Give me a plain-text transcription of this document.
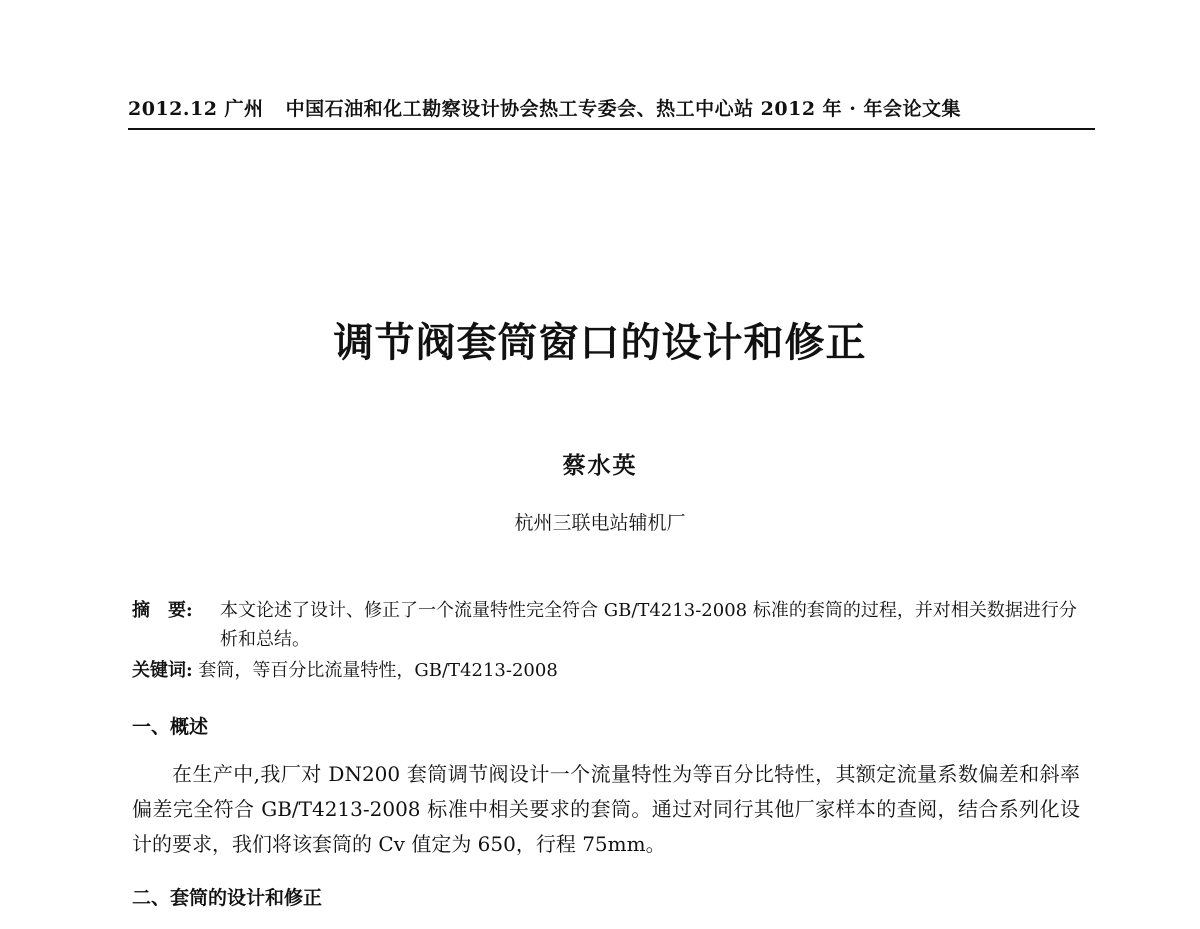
2012.12 广州 中国石油和化工勘察设计协会热工专委会、热工中心站 2012 年 · 年会论文集
调节阀套筒窗口的设计和修正
蔡水英
杭州三联电站辅机厂
摘　要: 本文论述了设计、修正了一个流量特性完全符合 GB/T4213-2008 标准的套筒的过程，并对相关数据进行分析和总结。
关键词: 套筒，等百分比流量特性，GB/T4213-2008
一、概述
在生产中,我厂对 DN200 套筒调节阀设计一个流量特性为等百分比特性，其额定流量系数偏差和斜率偏差完全符合 GB/T4213-2008 标准中相关要求的套筒。通过对同行其他厂家样本的查阅，结合系列化设计的要求，我们将该套筒的 Cv 值定为 650，行程 75mm。
二、套筒的设计和修正
